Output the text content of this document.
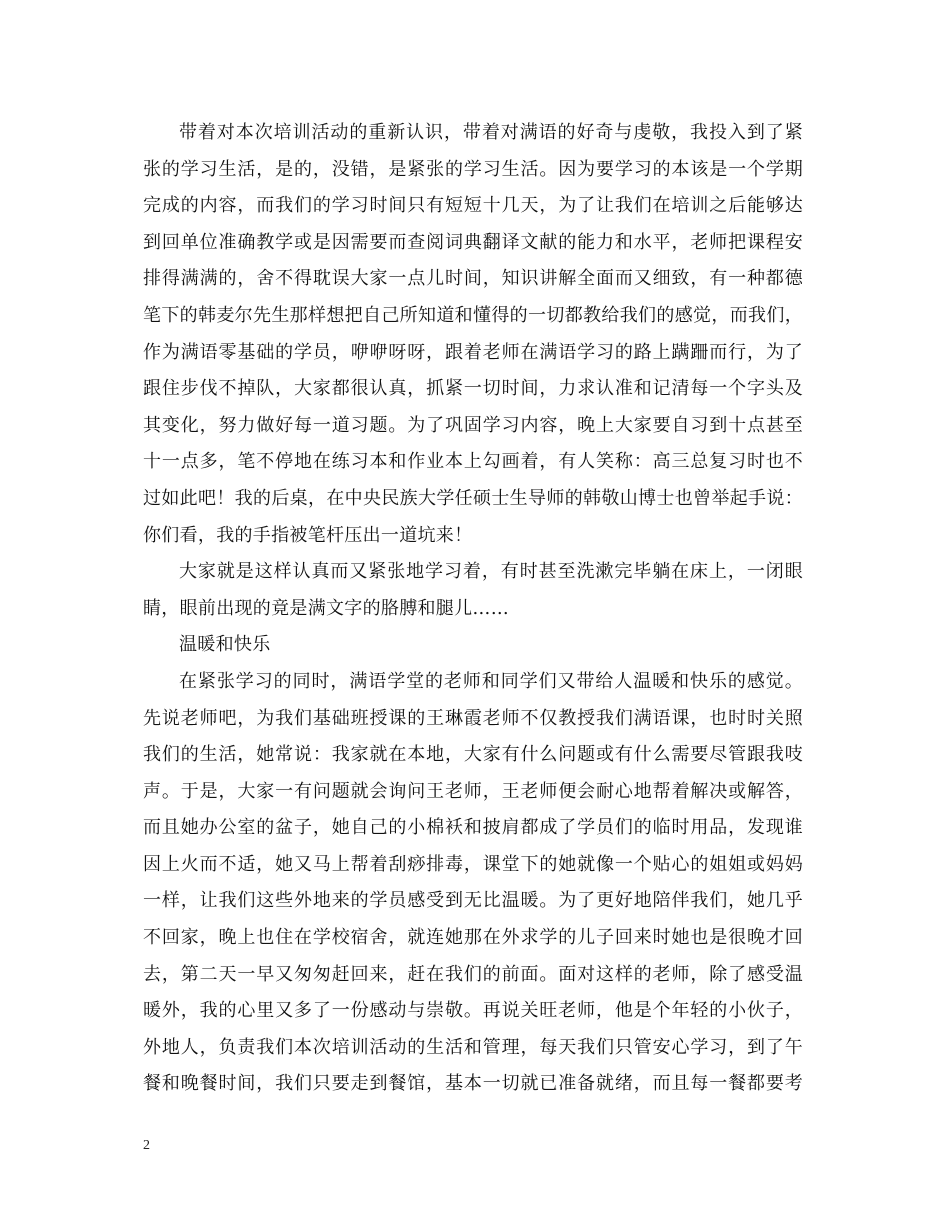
带着对本次培训活动的重新认识，带着对满语的好奇与虔敬，我投入到了紧
张的学习生活，是的，没错，是紧张的学习生活。因为要学习的本该是一个学期
完成的内容，而我们的学习时间只有短短十几天，为了让我们在培训之后能够达
到回单位准确教学或是因需要而查阅词典翻译文献的能力和水平，老师把课程安
排得满满的，舍不得耽误大家一点儿时间，知识讲解全面而又细致，有一种都德
笔下的韩麦尔先生那样想把自己所知道和懂得的一切都教给我们的感觉，而我们，
作为满语零基础的学员，咿咿呀呀，跟着老师在满语学习的路上蹒跚而行，为了
跟住步伐不掉队，大家都很认真，抓紧一切时间，力求认准和记清每一个字头及
其变化，努力做好每一道习题。为了巩固学习内容，晚上大家要自习到十点甚至
十一点多，笔不停地在练习本和作业本上勾画着，有人笑称：高三总复习时也不
过如此吧！我的后桌，在中央民族大学任硕士生导师的韩敬山博士也曾举起手说：
你们看，我的手指被笔杆压出一道坑来！
大家就是这样认真而又紧张地学习着，有时甚至洗漱完毕躺在床上，一闭眼
睛，眼前出现的竟是满文字的胳膊和腿儿……
温暖和快乐
在紧张学习的同时，满语学堂的老师和同学们又带给人温暖和快乐的感觉。
先说老师吧，为我们基础班授课的王琳霞老师不仅教授我们满语课，也时时关照
我们的生活，她常说：我家就在本地，大家有什么问题或有什么需要尽管跟我吱
声。于是，大家一有问题就会询问王老师，王老师便会耐心地帮着解决或解答，
而且她办公室的盆子，她自己的小棉袄和披肩都成了学员们的临时用品，发现谁
因上火而不适，她又马上帮着刮痧排毒，课堂下的她就像一个贴心的姐姐或妈妈
一样，让我们这些外地来的学员感受到无比温暖。为了更好地陪伴我们，她几乎
不回家，晚上也住在学校宿舍，就连她那在外求学的儿子回来时她也是很晚才回
去，第二天一早又匆匆赶回来，赶在我们的前面。面对这样的老师，除了感受温
暖外，我的心里又多了一份感动与崇敬。再说关旺老师，他是个年轻的小伙子，
外地人，负责我们本次培训活动的生活和管理，每天我们只管安心学习，到了午
餐和晚餐时间，我们只要走到餐馆，基本一切就已准备就绪，而且每一餐都要考
2
